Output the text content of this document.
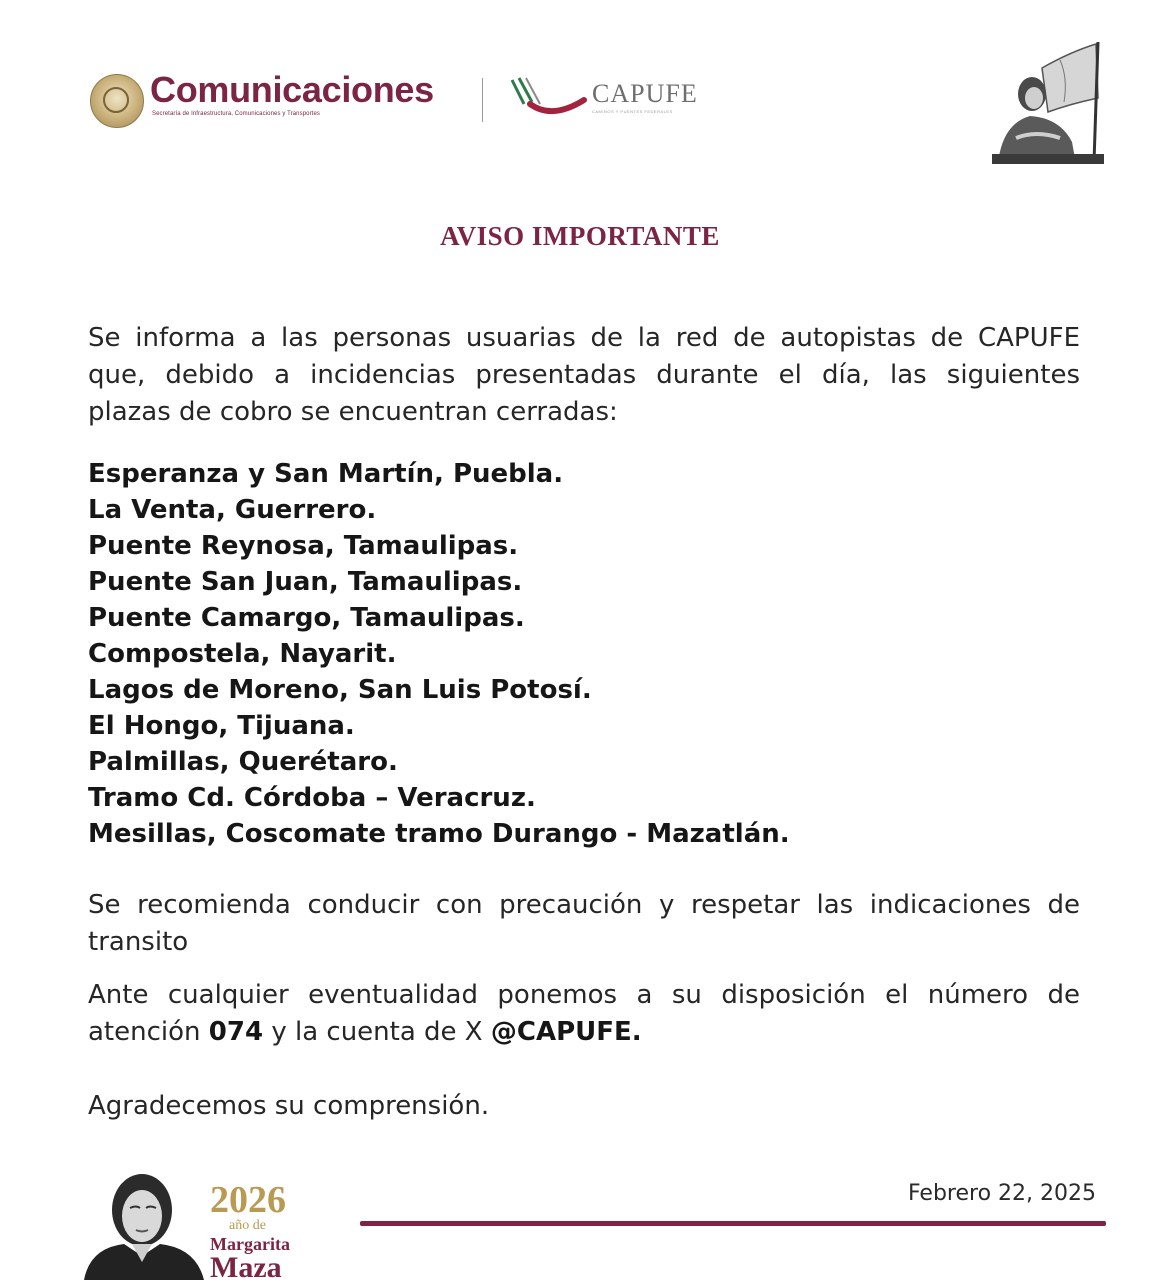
Comunicaciones
Secretaría de Infraestructura, Comunicaciones y Transportes
CAPUFE
CAMINOS Y PUENTES FEDERALES
AVISO IMPORTANTE
Se informa a las personas usuarias de la red de autopistas de CAPUFE
que, debido a incidencias presentadas durante el día, las siguientes
plazas de cobro se encuentran cerradas:
Esperanza y San Martín, Puebla.
La Venta, Guerrero.
Puente Reynosa, Tamaulipas.
Puente San Juan, Tamaulipas.
Puente Camargo, Tamaulipas.
Compostela, Nayarit.
Lagos de Moreno, San Luis Potosí.
El Hongo, Tijuana.
Palmillas, Querétaro.
Tramo Cd. Córdoba – Veracruz.
Mesillas, Coscomate tramo Durango - Mazatlán.
Se recomienda conducir con precaución y respetar las indicaciones de
transito
Ante cualquier eventualidad ponemos a su disposición el número de
atención 074 y la cuenta de X @CAPUFE.
Agradecemos su comprensión.
2026
año de
Margarita
Maza
Febrero 22, 2025
